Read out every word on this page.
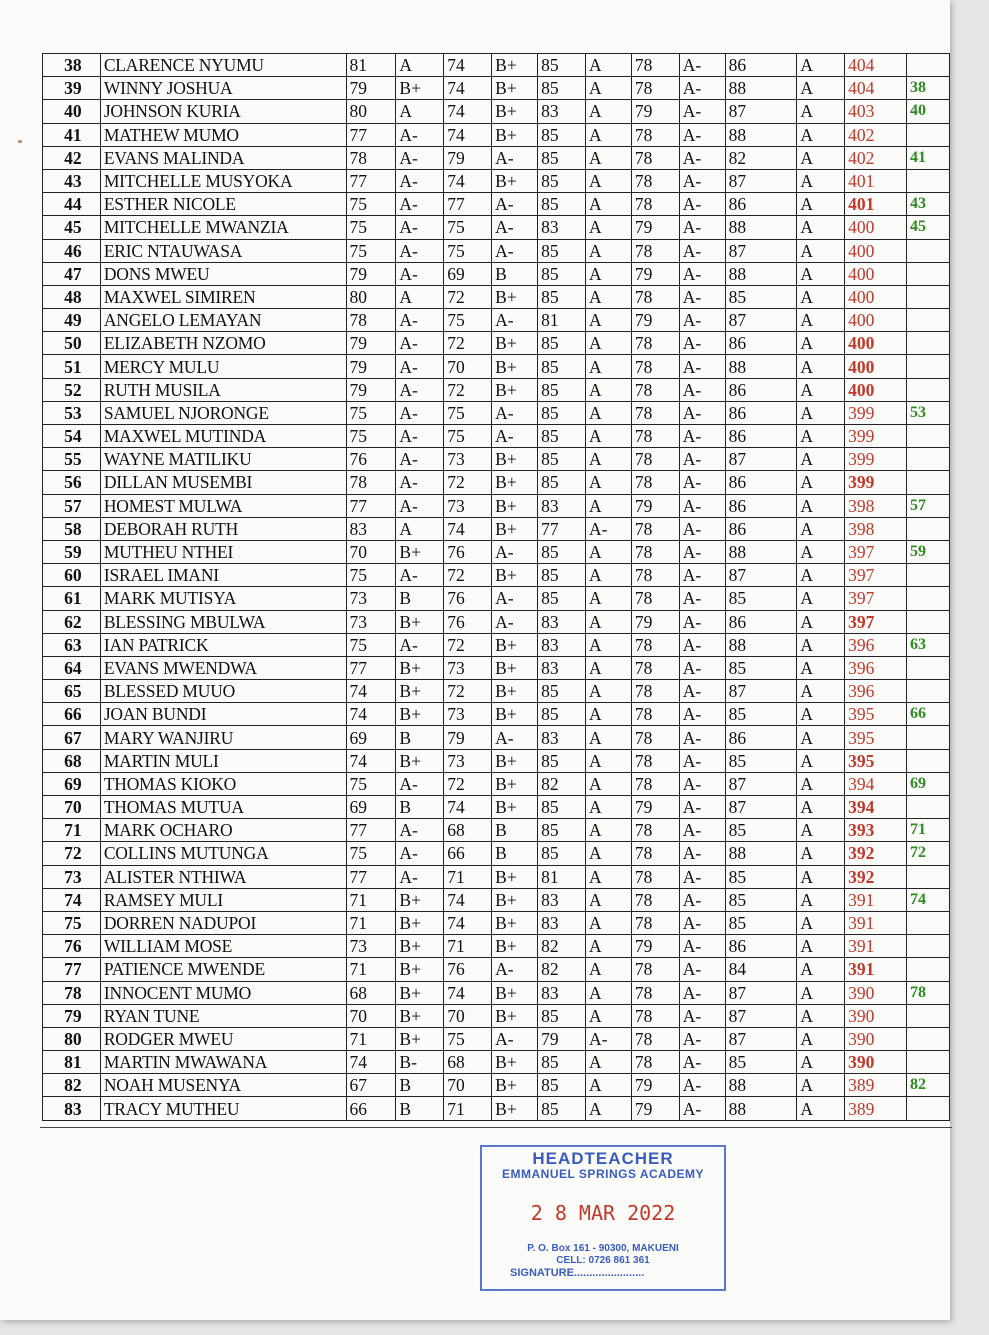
38	CLARENCE NYUMU	81	A	74	B+	85	A	78	A-	86	A	404	
39	WINNY JOSHUA	79	B+	74	B+	85	A	78	A-	88	A	404	38
40	JOHNSON KURIA	80	A	74	B+	83	A	79	A-	87	A	403	40
41	MATHEW MUMO	77	A-	74	B+	85	A	78	A-	88	A	402	
42	EVANS MALINDA	78	A-	79	A-	85	A	78	A-	82	A	402	41
43	MITCHELLE MUSYOKA	77	A-	74	B+	85	A	78	A-	87	A	401	
44	ESTHER NICOLE	75	A-	77	A-	85	A	78	A-	86	A	401	43
45	MITCHELLE MWANZIA	75	A-	75	A-	83	A	79	A-	88	A	400	45
46	ERIC NTAUWASA	75	A-	75	A-	85	A	78	A-	87	A	400	
47	DONS MWEU	79	A-	69	B	85	A	79	A-	88	A	400	
48	MAXWEL SIMIREN	80	A	72	B+	85	A	78	A-	85	A	400	
49	ANGELO LEMAYAN	78	A-	75	A-	81	A	79	A-	87	A	400	
50	ELIZABETH NZOMO	79	A-	72	B+	85	A	78	A-	86	A	400	
51	MERCY MULU	79	A-	70	B+	85	A	78	A-	88	A	400	
52	RUTH MUSILA	79	A-	72	B+	85	A	78	A-	86	A	400	
53	SAMUEL NJORONGE	75	A-	75	A-	85	A	78	A-	86	A	399	53
54	MAXWEL MUTINDA	75	A-	75	A-	85	A	78	A-	86	A	399	
55	WAYNE MATILIKU	76	A-	73	B+	85	A	78	A-	87	A	399	
56	DILLAN MUSEMBI	78	A-	72	B+	85	A	78	A-	86	A	399	
57	HOMEST MULWA	77	A-	73	B+	83	A	79	A-	86	A	398	57
58	DEBORAH RUTH	83	A	74	B+	77	A-	78	A-	86	A	398	
59	MUTHEU NTHEI	70	B+	76	A-	85	A	78	A-	88	A	397	59
60	ISRAEL IMANI	75	A-	72	B+	85	A	78	A-	87	A	397	
61	MARK MUTISYA	73	B	76	A-	85	A	78	A-	85	A	397	
62	BLESSING MBULWA	73	B+	76	A-	83	A	79	A-	86	A	397	
63	IAN PATRICK	75	A-	72	B+	83	A	78	A-	88	A	396	63
64	EVANS MWENDWA	77	B+	73	B+	83	A	78	A-	85	A	396	
65	BLESSED MUUO	74	B+	72	B+	85	A	78	A-	87	A	396	
66	JOAN BUNDI	74	B+	73	B+	85	A	78	A-	85	A	395	66
67	MARY WANJIRU	69	B	79	A-	83	A	78	A-	86	A	395	
68	MARTIN MULI	74	B+	73	B+	85	A	78	A-	85	A	395	
69	THOMAS KIOKO	75	A-	72	B+	82	A	78	A-	87	A	394	69
70	THOMAS MUTUA	69	B	74	B+	85	A	79	A-	87	A	394	
71	MARK OCHARO	77	A-	68	B	85	A	78	A-	85	A	393	71
72	COLLINS MUTUNGA	75	A-	66	B	85	A	78	A-	88	A	392	72
73	ALISTER NTHIWA	77	A-	71	B+	81	A	78	A-	85	A	392	
74	RAMSEY MULI	71	B+	74	B+	83	A	78	A-	85	A	391	74
75	DORREN NADUPOI	71	B+	74	B+	83	A	78	A-	85	A	391	
76	WILLIAM MOSE	73	B+	71	B+	82	A	79	A-	86	A	391	
77	PATIENCE MWENDE	71	B+	76	A-	82	A	78	A-	84	A	391	
78	INNOCENT MUMO	68	B+	74	B+	83	A	78	A-	87	A	390	78
79	RYAN TUNE	70	B+	70	B+	85	A	78	A-	87	A	390	
80	RODGER MWEU	71	B+	75	A-	79	A-	78	A-	87	A	390	
81	MARTIN MWAWANA	74	B-	68	B+	85	A	78	A-	85	A	390	
82	NOAH MUSENYA	67	B	70	B+	85	A	79	A-	88	A	389	82
83	TRACY MUTHEU	66	B	71	B+	85	A	79	A-	88	A	389	
HEADTEACHER
EMMANUEL SPRINGS ACADEMY
2 8 MAR 2022
P. O. Box 161 - 90300, MAKUENI
CELL: 0726 861 361
SIGNATURE.......................
